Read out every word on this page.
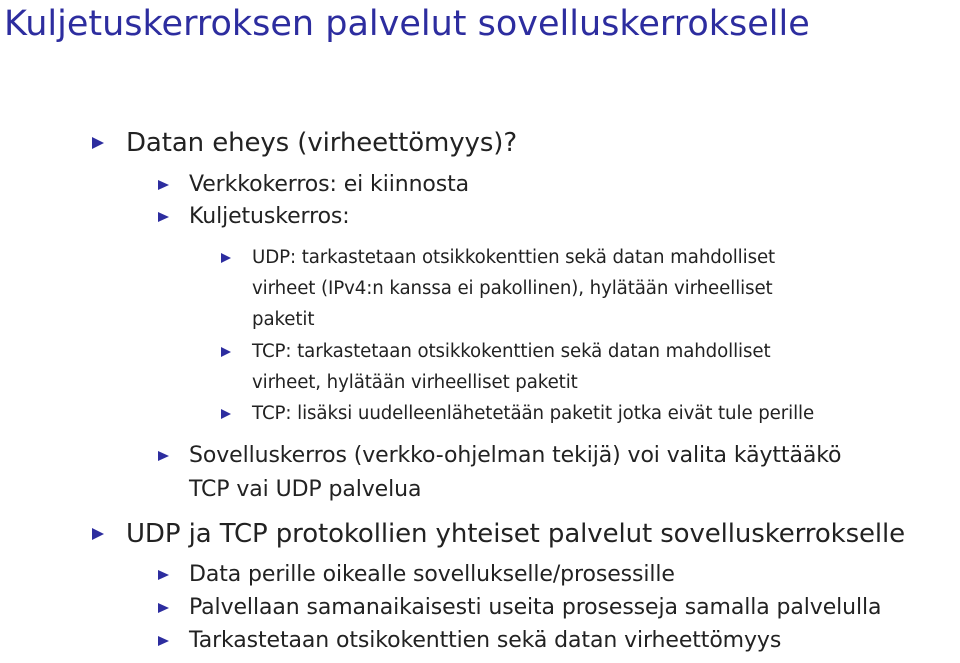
Kuljetuskerroksen palvelut sovelluskerrokselle
Datan eheys (virheettömyys)?
Verkkokerros: ei kiinnosta
Kuljetuskerros:
UDP: tarkastetaan otsikkokenttien sekä datan mahdolliset
virheet (IPv4:n kanssa ei pakollinen), hylätään virheelliset
paketit
TCP: tarkastetaan otsikkokenttien sekä datan mahdolliset
virheet, hylätään virheelliset paketit
TCP: lisäksi uudelleenlähetetään paketit jotka eivät tule perille
Sovelluskerros (verkko-ohjelman tekijä) voi valita käyttääkö
TCP vai UDP palvelua
UDP ja TCP protokollien yhteiset palvelut sovelluskerrokselle
Data perille oikealle sovellukselle/prosessille
Palvellaan samanaikaisesti useita prosesseja samalla palvelulla
Tarkastetaan otsikokenttien sekä datan virheettömyys
